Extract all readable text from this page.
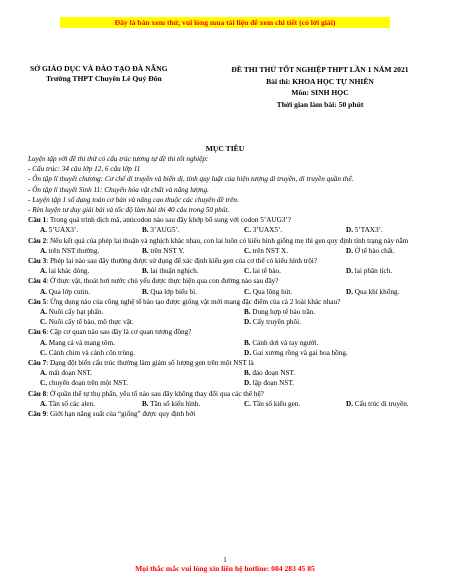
Đây là bản xem thử, vui lòng mua tài liệu để xem chi tiết (có lời giải)
SỞ GIÁO DỤC VÀ ĐÀO TẠO ĐÀ NẴNG
Trường THPT Chuyên Lê Quý Đôn
ĐỀ THI THỬ TỐT NGHIỆP THPT LẦN 1 NĂM 2021
Bài thi: KHOA HỌC TỰ NHIÊN
Môn: SINH HỌC
Thời gian làm bài: 50 phút
MỤC TIÊU

Luyện tập với đề thi thử có cấu trúc tương tự đề thi tốt nghiệp:

- Cấu trúc: 34 câu lớp 12, 6 câu lớp 11

- Ôn tập lí thuyết chương: Cơ chế di truyền và biến dị, tính quy luật của hiện tượng di truyền, di truyền quần thể.

- Ôn tập lí thuyết Sinh 11: Chuyển hóa vật chất và năng lượng.

- Luyện tập 1 số dạng toán cơ bản và nâng cao thuộc các chuyên đề trên.

- Rèn luyện tư duy giải bài và tốc độ làm bài thi 40 câu trong 50 phút.

Câu 1: Trong quá trình dịch mã, anticodon nào sau đây khớp bổ sung với codon 5’AUG3’?

A. 5’UAX3’.	B. 3’AUG5’.	C. 3’UAX5’.	D. 5’TAX3’.

Câu 2: Nếu kết quả của phép lai thuận và nghịch khác nhau, con lai luôn có kiểu hình giống mẹ thì gen quy định tính trạng này nằm

A. trên NST thường.	B. trên NST Y.	C. trên NST X.	D. Ở tế bào chất.

Câu 3: Phép lai nào sau đây thường được sử dụng để xác định kiểu gen của cơ thể có kiểu hình trội?

A. lai khác dòng.	B. lai thuận nghịch.	C. lai tế bào.	D. lai phân tích.

Câu 4: Ở thực vật, thoát hơi nước chủ yếu được thực hiện qua con đường nào sau đây?

A. Qua lớp cutin.	B. Qua lớp biểu bì.	C. Qua lông hút.	D. Qua khí khổng.

Câu 5: Ứng dụng nào của công nghệ tế bào tạo được giống vật mới mang đặc điểm của cả 2 loài khác nhau?

A. Nuôi cấy hạt phấn.	B. Dung hợp tế bào trần.
C. Nuôi cấy tế bào, mô thực vật.	D. Cấy truyền phôi.

Câu 6: Cặp cơ quan nào sau đây là cơ quan tương đồng?

A. Mang cá và mang tôm.	B. Cánh dơi và tay người.
C. Cánh chim và cánh côn trùng.	D. Gai xương rồng và gai hoa hồng.

Câu 7: Dạng đột biến cấu trúc thường làm giảm số lượng gen trên một NST là

A. mất đoạn NST.	B. đảo đoạn NST.
C. chuyển đoạn trên một NST.	D. lặp đoạn NST.

Câu 8: Ở quần thể tự thụ phấn, yếu tố nào sau đây không thay đổi qua các thế hệ?

A. Tần số các alen.	B. Tần số kiểu hình.	C. Tần số kiểu gen.	D. Cấu trúc di truyền.

Câu 9: Giới hạn năng suất của “giống” được quy định bởi

1
Mọi thắc mắc vui lòng xin liên hệ hotline: 084 283 45 85
